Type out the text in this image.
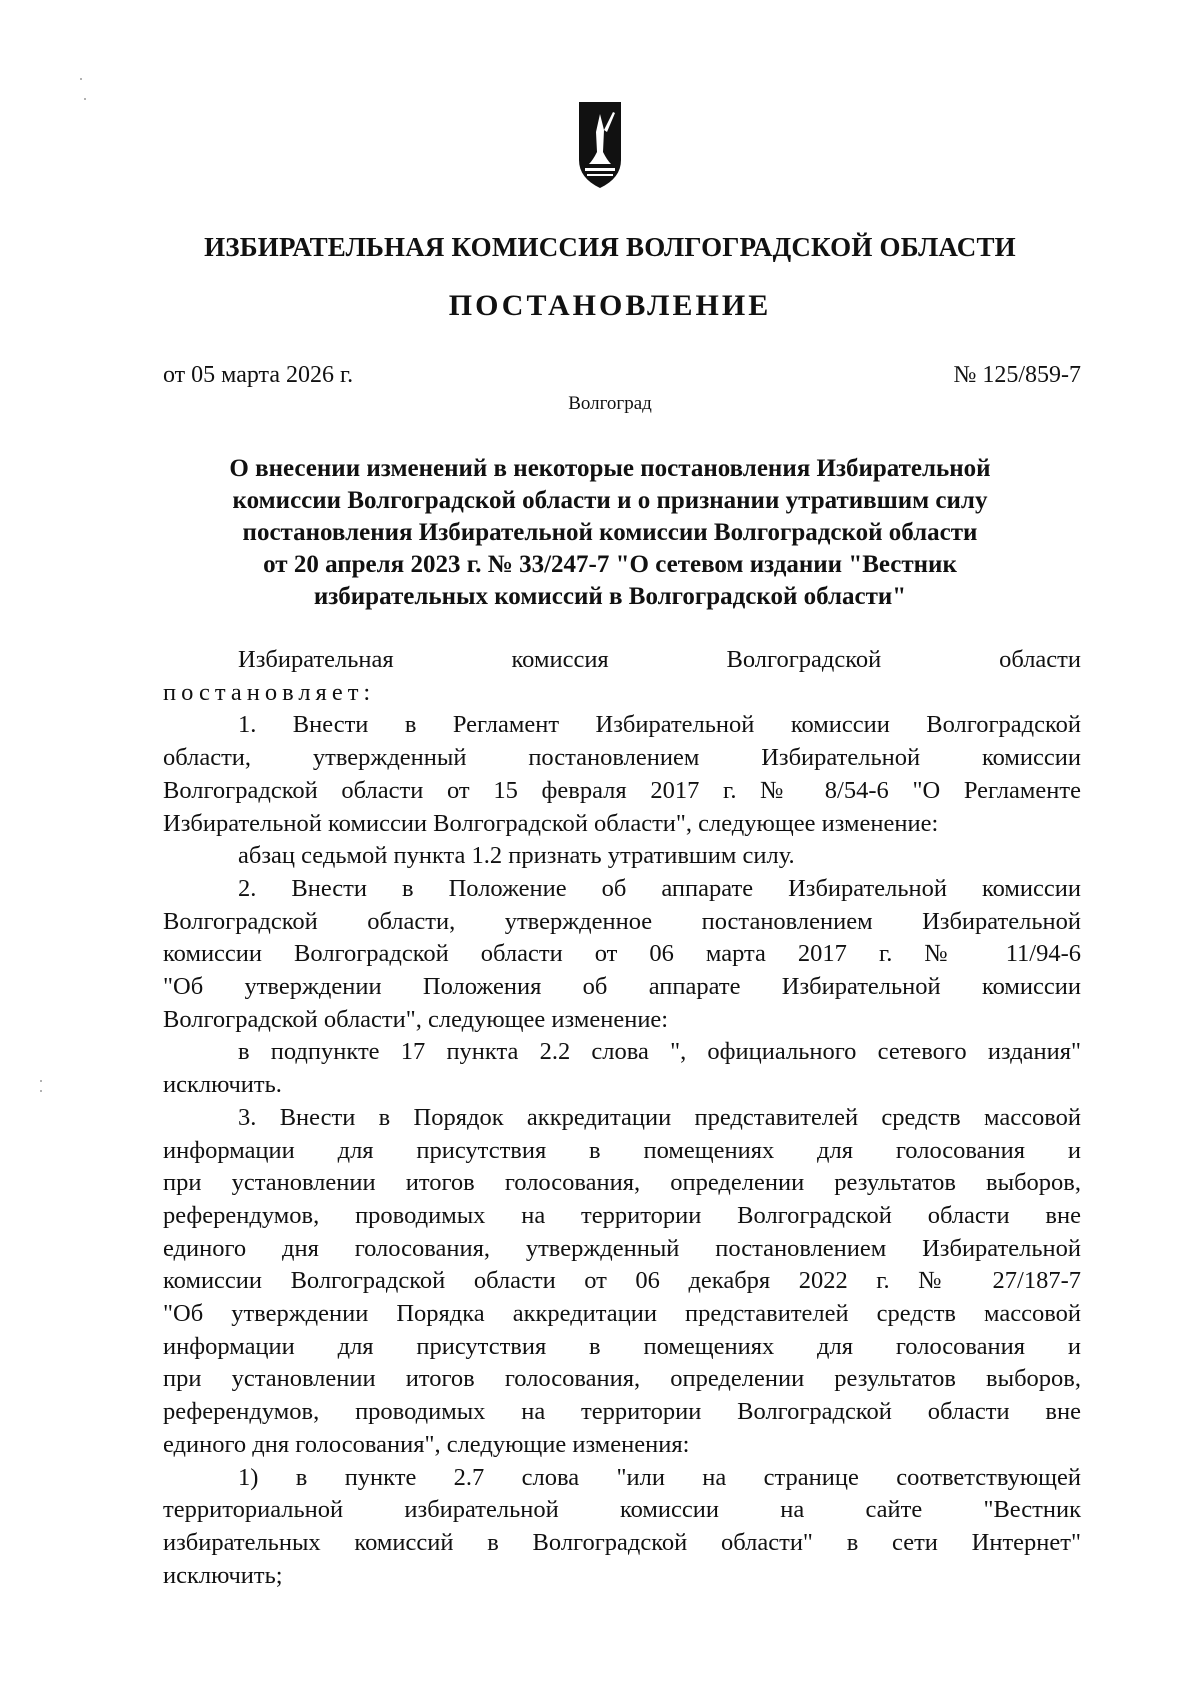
ИЗБИРАТЕЛЬНАЯ КОМИССИЯ ВОЛГОГРАДСКОЙ ОБЛАСТИ
ПОСТАНОВЛЕНИЕ
от 05 марта 2026 г.	№ 125/859-7
Волгоград
О внесении изменений в некоторые постановления Избирательной
комиссии Волгоградской области и о признании утратившим силу
постановления Избирательной комиссии Волгоградской области
от 20 апреля 2023 г. № 33/247-7 "О сетевом издании "Вестник
избирательных комиссий в Волгоградской области"
Избирательная комиссия Волгоградской области
постановляет:
1. Внести в Регламент Избирательной комиссии Волгоградской
области, утвержденный постановлением Избирательной комиссии
Волгоградской области от 15 февраля 2017 г. № 8/54-6 "О Регламенте
Избирательной комиссии Волгоградской области", следующее изменение:
абзац седьмой пункта 1.2 признать утратившим силу.
2. Внести в Положение об аппарате Избирательной комиссии
Волгоградской области, утвержденное постановлением Избирательной
комиссии Волгоградской области от 06 марта 2017 г. № 11/94-6
"Об утверждении Положения об аппарате Избирательной комиссии
Волгоградской области", следующее изменение:
в подпункте 17 пункта 2.2 слова ", официального сетевого издания"
исключить.
3. Внести в Порядок аккредитации представителей средств массовой
информации для присутствия в помещениях для голосования и
при установлении итогов голосования, определении результатов выборов,
референдумов, проводимых на территории Волгоградской области вне
единого дня голосования, утвержденный постановлением Избирательной
комиссии Волгоградской области от 06 декабря 2022 г. № 27/187-7
"Об утверждении Порядка аккредитации представителей средств массовой
информации для присутствия в помещениях для голосования и
при установлении итогов голосования, определении результатов выборов,
референдумов, проводимых на территории Волгоградской области вне
единого дня голосования", следующие изменения:
1) в пункте 2.7 слова "или на странице соответствующей
территориальной избирательной комиссии на сайте "Вестник
избирательных комиссий в Волгоградской области" в сети Интернет"
исключить;
